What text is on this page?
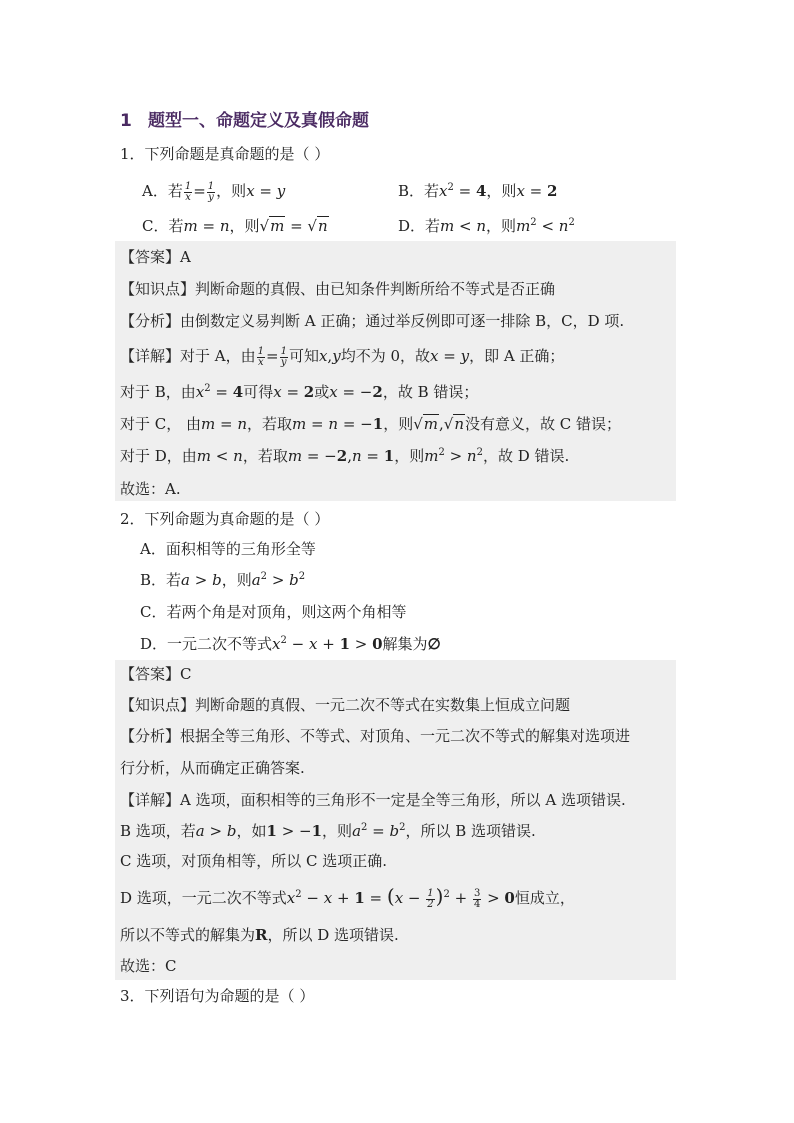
1 题型一、命题定义及真假命题
1．下列命题是真命题的是（ ）
A．若 $\frac{1}{x} = \frac{1}{y}$ ，则x = y	B．若$x^2 = 4$，则x = 2
C．若m = n，则√m = √n	D．若m < n，则$m^2 < n^2$
【答案】A
【知识点】判断命题的真假、由已知条件判断所给不等式是否正确
【分析】由倒数定义易判断 A 正确；通过举反例即可逐一排除 B，C，D 项.
【详解】对于 A，由 $\frac{1}{x} = \frac{1}{y}$ 可知x,y均不为 0，故x = y，即 A 正确；
对于 B，由$x^2 = 4$可得x = 2或x = −2，故 B 错误；
对于 C， 由m = n，若取m = n = −1，则√m,√n没有意义，故 C 错误；
对于 D，由m < n，若取m = −2,n = 1，则$m^2 > n^2$，故 D 错误.
故选：A.
2．下列命题为真命题的是（ ）
A．面积相等的三角形全等
B．若a > b，则$a^2 > b^2$
C．若两个角是对顶角，则这两个角相等
D．一元二次不等式$x^2 - x + 1 > 0$解集为∅
【答案】C
【知识点】判断命题的真假、一元二次不等式在实数集上恒成立问题
【分析】根据全等三角形、不等式、对顶角、一元二次不等式的解集对选项进
行分析，从而确定正确答案.
【详解】A 选项，面积相等的三角形不一定是全等三角形，所以 A 选项错误.
B 选项，若a > b，如1 > −1，则$a^2 = b^2$，所以 B 选项错误.
C 选项，对顶角相等，所以 C 选项正确.
D 选项，一元二次不等式$x^2 - x + 1 = (x - \frac{1}{2} )^2 + \frac{3}{4} > 0$恒成立，
所以不等式的解集为R，所以 D 选项错误.
故选：C
3．下列语句为命题的是（ ）
